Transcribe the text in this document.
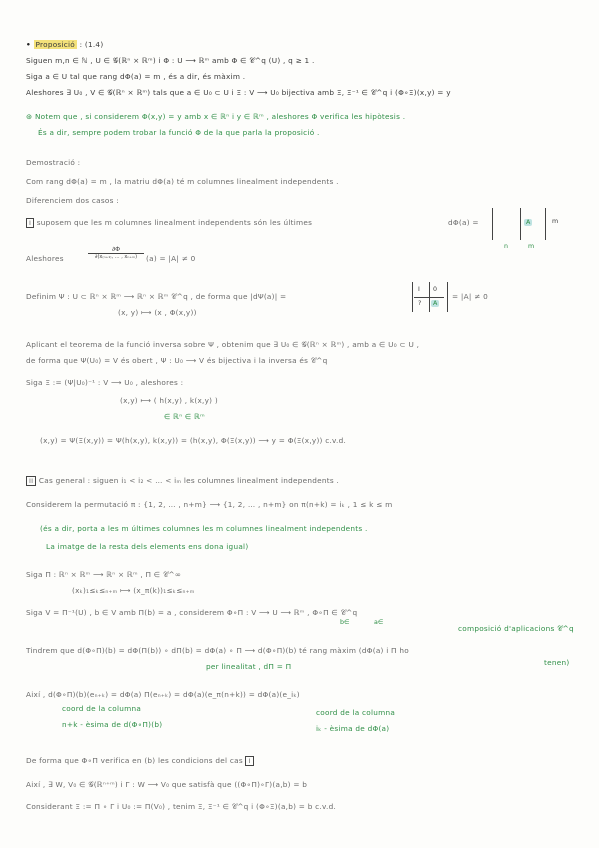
• Proposició : (1.4)
Siguen m,n ∈ ℕ , U ∈ 𝒢(ℝⁿ × ℝᵐ) i Φ : U ⟶ ℝᵐ amb Φ ∈ 𝒞^q (U) , q ≥ 1 .
Siga a ∈ U tal que rang dΦ(a) = m , és a dir, és màxim .
Aleshores ∃ U₀ , V ∈ 𝒢(ℝⁿ × ℝᵐ) tals que a ∈ U₀ ⊂ U i Ξ : V ⟶ U₀ bijectiva amb Ξ, Ξ⁻¹ ∈ 𝒞^q i (Φ∘Ξ)(x,y) = y
⊛ Notem que , si considerem Φ(x,y) = y amb x ∈ ℝⁿ i y ∈ ℝᵐ , aleshores Φ verifica les hipòtesis .
És a dir, sempre podem trobar la funció Φ de la que parla la proposició .
Demostració :
Com rang dΦ(a) = m , la matriu dΦ(a) té m columnes linealment independents .
Diferenciem dos casos :
I suposem que les m columnes linealment independents són les últimes	dΦ(a) =	A	m
n	m
Aleshores
∂Φ
∂(x₍ₙ₊₁₎, … , xₙ₊ₘ)	(a) = |A| ≠ 0
Definim Ψ : U ⊂ ℝⁿ × ℝᵐ ⟶ ℝⁿ × ℝᵐ 𝒞^q , de forma que |dΨ(a)| =
I 0
?	A
= |A| ≠ 0
(x, y) ⟼ (x , Φ(x,y))
Aplicant el teorema de la funció inversa sobre Ψ , obtenim que ∃ U₀ ∈ 𝒢(ℝⁿ × ℝᵐ) , amb a ∈ U₀ ⊂ U ,
de forma que Ψ(U₀) = V és obert , Ψ : U₀ ⟶ V és bijectiva i la inversa és 𝒞^q
Siga Ξ := (Ψ|U₀)⁻¹ : V ⟶ U₀ , aleshores :
(x,y) ⟼ ( h(x,y) , k(x,y) )
∈ ℝⁿ ∈ ℝᵐ
(x,y) = Ψ(Ξ(x,y)) = Ψ(h(x,y), k(x,y)) = (h(x,y), Φ(Ξ(x,y)) ⟶ y = Φ(Ξ(x,y)) c.v.d.
II Cas general : siguen i₁ < i₂ < … < iₘ les columnes linealment independents .
Considerem la permutació π : {1, 2, … , n+m} ⟶ {1, 2, … , n+m} on π(n+k) = iₖ , 1 ≤ k ≤ m
(és a dir, porta a les m últimes columnes les m columnes linealment independents .
La imatge de la resta dels elements ens dona igual)
Siga Π : ℝⁿ × ℝᵐ ⟶ ℝⁿ × ℝᵐ , Π ∈ 𝒞^∞
(xₖ)₁≤ₖ≤ₙ₊ₘ ⟼ (x_π(k))₁≤ₖ≤ₙ₊ₘ
Siga V = Π⁻¹(U) , b ∈ V amb Π(b) = a , considerem Φ∘Π : V ⟶ U ⟶ ℝᵐ , Φ∘Π ∈ 𝒞^q
b∈	a∈
composició d'aplicacions 𝒞^q
Tindrem que d(Φ∘Π)(b) = dΦ(Π(b)) ∘ dΠ(b) = dΦ(a) ∘ Π ⟶ d(Φ∘Π)(b) té rang màxim (dΦ(a) i Π ho
per linealitat , dΠ = Π	tenen)
Així , d(Φ∘Π)(b)(eₙ₊ₖ) = dΦ(a) Π(eₙ₊ₖ) = dΦ(a)(e_π(n+k)) = dΦ(a)(e_iₖ)
coord de la columna
n+k - èsima de d(Φ∘Π)(b)
coord de la columna
iₖ - èsima de dΦ(a)
De forma que Φ∘Π verifica en (b) les condicions del cas I
Així , ∃ W, V₀ ∈ 𝒢(ℝⁿ⁺ᵐ) i Γ : W ⟶ V₀ que satisfà que ((Φ∘Π)∘Γ)(a,b) = b
Considerant Ξ := Π ∘ Γ i U₀ := Π(V₀) , tenim Ξ, Ξ⁻¹ ∈ 𝒞^q i (Φ∘Ξ)(a,b) = b c.v.d.
